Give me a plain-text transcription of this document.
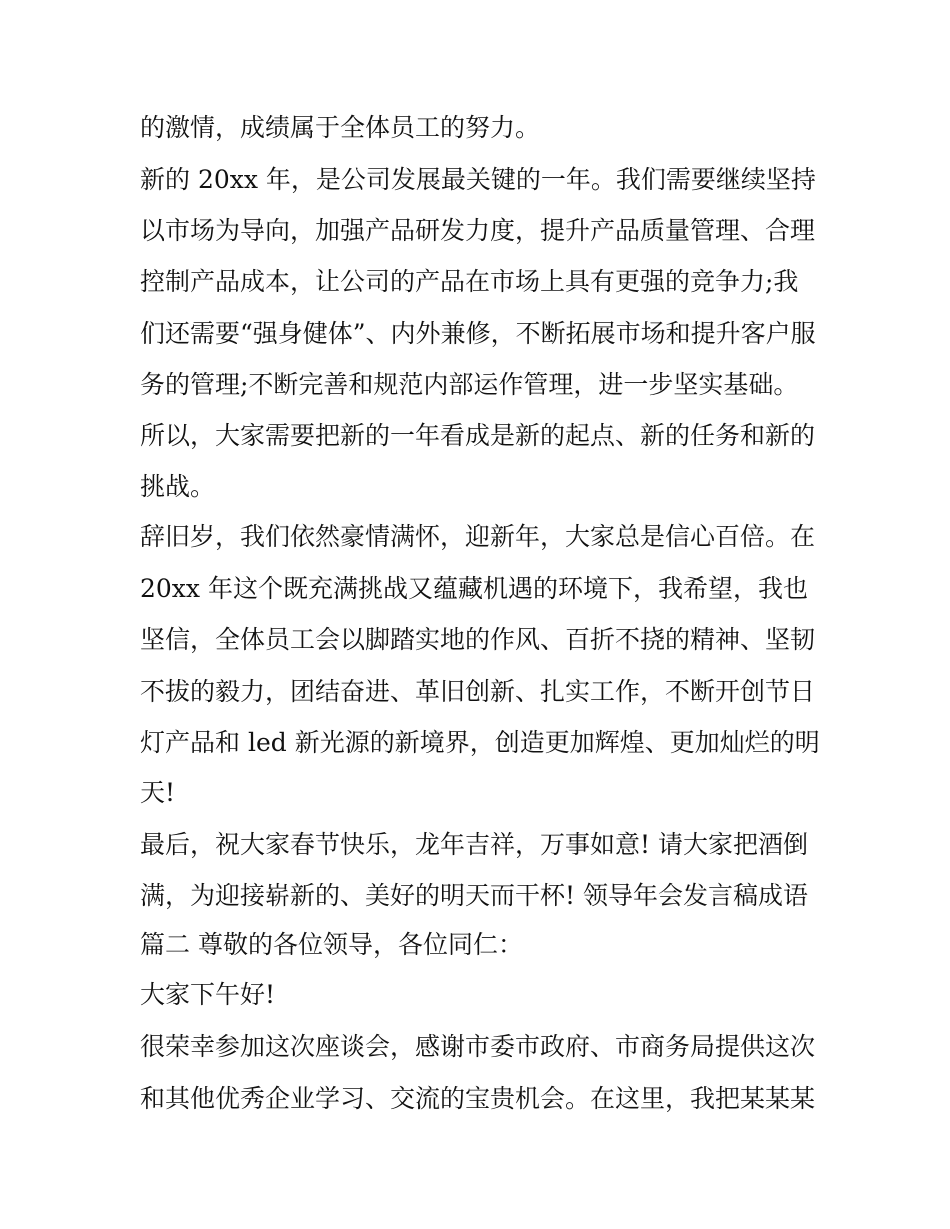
的激情，成绩属于全体员工的努力。
新的 20xx 年，是公司发展最关键的一年。我们需要继续坚持
以市场为导向，加强产品研发力度，提升产品质量管理、合理
控制产品成本，让公司的产品在市场上具有更强的竞争力;我
们还需要“强身健体”、内外兼修，不断拓展市场和提升客户服
务的管理;不断完善和规范内部运作管理，进一步坚实基础。
所以，大家需要把新的一年看成是新的起点、新的任务和新的
挑战。
辞旧岁，我们依然豪情满怀，迎新年，大家总是信心百倍。在
20xx 年这个既充满挑战又蕴藏机遇的环境下，我希望，我也
坚信，全体员工会以脚踏实地的作风、百折不挠的精神、坚韧
不拔的毅力，团结奋进、革旧创新、扎实工作，不断开创节日
灯产品和 led 新光源的新境界，创造更加辉煌、更加灿烂的明
天!
最后，祝大家春节快乐，龙年吉祥，万事如意! 请大家把酒倒
满，为迎接崭新的、美好的明天而干杯! 领导年会发言稿成语
篇二 尊敬的各位领导，各位同仁：
大家下午好!
很荣幸参加这次座谈会，感谢市委市政府、市商务局提供这次
和其他优秀企业学习、交流的宝贵机会。在这里，我把某某某
